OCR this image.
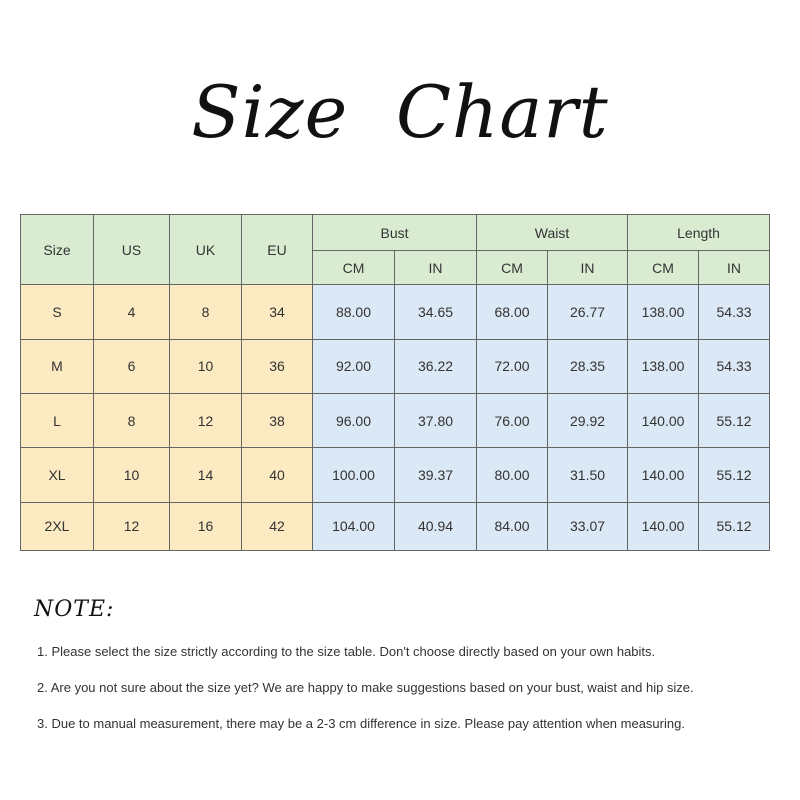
Size  Chart
Size	US	UK	EU	Bust		Waist		Length	
				CM	IN	CM	IN	CM	IN
S	4	8	34	88.00	34.65	68.00	26.77	138.00	54.33
M	6	10	36	92.00	36.22	72.00	28.35	138.00	54.33
L	8	12	38	96.00	37.80	76.00	29.92	140.00	55.12
XL	10	14	40	100.00	39.37	80.00	31.50	140.00	55.12
2XL	12	16	42	104.00	40.94	84.00	33.07	140.00	55.12
NOTE:
1. Please select the size strictly according to the size table. Don't choose directly based on your own habits.
2. Are you not sure about the size yet? We are happy to make suggestions based on your bust, waist and hip size.
3. Due to manual measurement, there may be a 2-3 cm difference in size. Please pay attention when measuring.
